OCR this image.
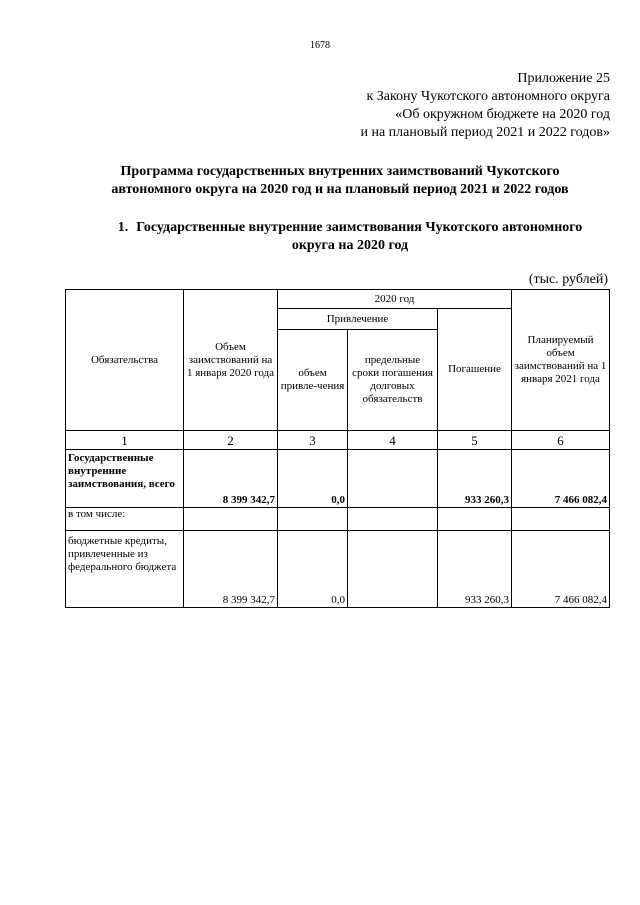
1678
Приложение 25
к Закону Чукотского автономного округа
«Об окружном бюджете на 2020 год
и на плановый период 2021 и 2022 годов»
Программа государственных внутренних заимствований Чукотского
автономного округа на 2020 год и на плановый период 2021 и 2022 годов
1. Государственные внутренние заимствования Чукотского автономного
округа на 2020 год
(тыс. рублей)
Обязательства	Объем заимствований на 1 января 2020 года	2020 год			Планируемый объем заимствований на 1 января 2021 года
		Привлечение		Погашение	
		объем привле-чения	предельные сроки погашения долговых обязательств		
1	2	3	4	5	6
Государственные внутренние заимствования, всего	8 399 342,7	0,0		933 260,3	7 466 082,4
в том числе:					
бюджетные кредиты, привлеченные из федерального бюджета	8 399 342,7	0,0		933 260,3	7 466 082,4
